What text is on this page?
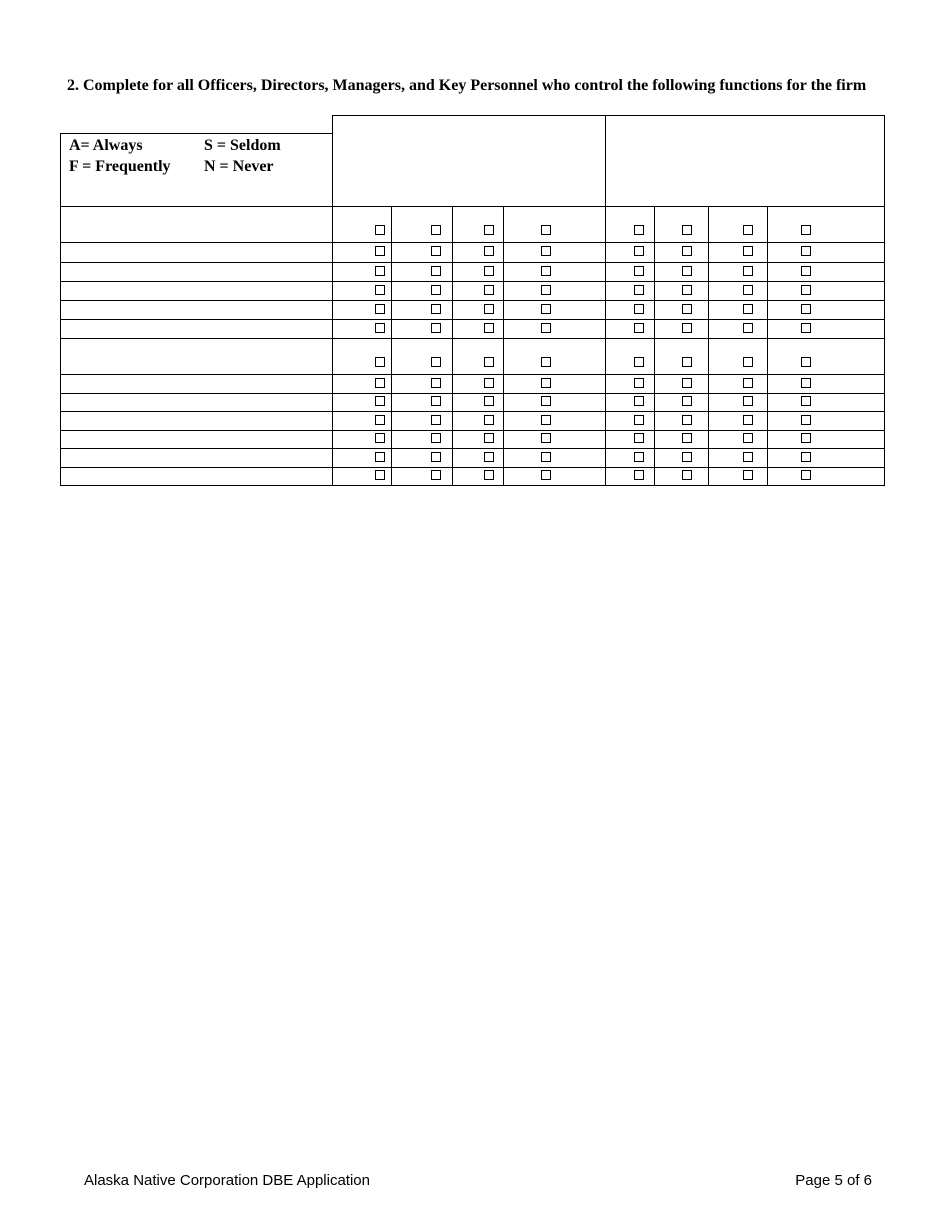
2. Complete for all Officers, Directors, Managers, and Key Personnel who control the following functions for the firm
A= Always	S = Seldom
F = Frequently N = Never
Alaska Native Corporation DBE Application	Page 5 of 6
